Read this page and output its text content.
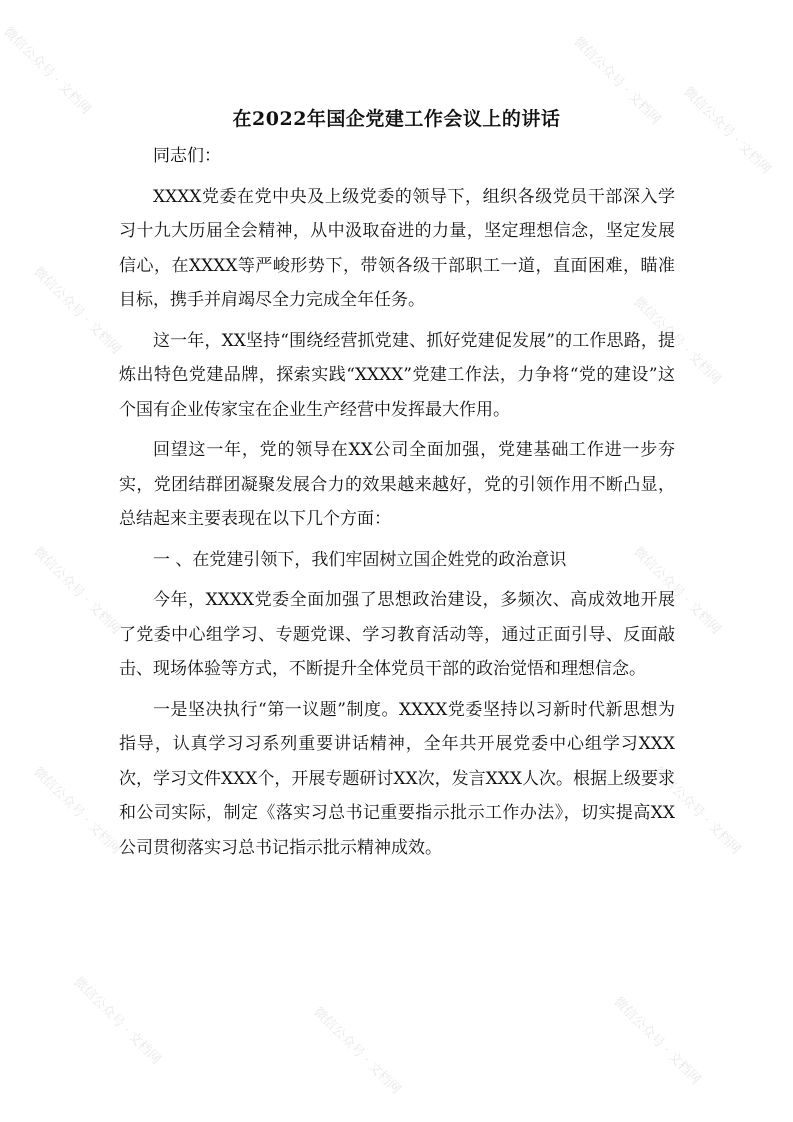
微信公众号 · 文档网	微信公众号 · 文档网
微信公众号 · 文档网
微信公众号 · 文档网	微信公众号 · 文档网
微信公众号 · 文档网	微信公众号 · 文档网
微信公众号 · 文档网	微信公众号 · 文档网
微信公众号 · 文档网	微信公众号 · 文档网	微信公众号 · 文档网
在2022年国企党建工作会议上的讲话

同志们：

XXXX党委在党中央及上级党委的领导下，组织各级党员干部深入学习十九大历届全会精神，从中汲取奋进的力量，坚定理想信念，坚定发展信心，在XXXX等严峻形势下，带领各级干部职工一道，直面困难，瞄准目标，携手并肩竭尽全力完成全年任务。

这一年，XX坚持“围绕经营抓党建、抓好党建促发展”的工作思路，提炼出特色党建品牌，探索实践“XXXX”党建工作法，力争将“党的建设”这个国有企业传家宝在企业生产经营中发挥最大作用。

回望这一年，党的领导在XX公司全面加强，党建基础工作进一步夯实，党团结群团凝聚发展合力的效果越来越好，党的引领作用不断凸显，总结起来主要表现在以下几个方面：

一 、在党建引领下，我们牢固树立国企姓党的政治意识

今年，XXXX党委全面加强了思想政治建设，多频次、高成效地开展了党委中心组学习、专题党课、学习教育活动等，通过正面引导、反面敲击、现场体验等方式，不断提升全体党员干部的政治觉悟和理想信念。

一是坚决执行“第一议题”制度。XXXX党委坚持以习新时代新思想为指导，认真学习习系列重要讲话精神，全年共开展党委中心组学习XXX次，学习文件XXX个，开展专题研讨XX次，发言XXX人次。根据上级要求和公司实际，制定《落实习总书记重要指示批示工作办法》，切实提高XX公司贯彻落实习总书记指示批示精神成效。
